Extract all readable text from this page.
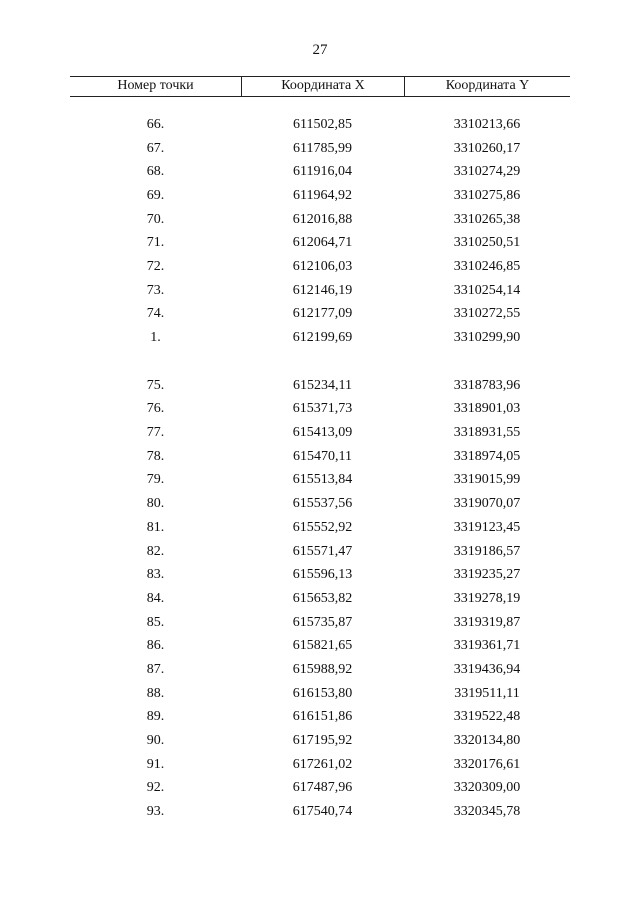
27
Номер точки	Координата X	Координата Y
66.	611502,85	3310213,66
67.	611785,99	3310260,17
68.	611916,04	3310274,29
69.	611964,92	3310275,86
70.	612016,88	3310265,38
71.	612064,71	3310250,51
72.	612106,03	3310246,85
73.	612146,19	3310254,14
74.	612177,09	3310272,55
1.	612199,69	3310299,90
75.	615234,11	3318783,96
76.	615371,73	3318901,03
77.	615413,09	3318931,55
78.	615470,11	3318974,05
79.	615513,84	3319015,99
80.	615537,56	3319070,07
81.	615552,92	3319123,45
82.	615571,47	3319186,57
83.	615596,13	3319235,27
84.	615653,82	3319278,19
85.	615735,87	3319319,87
86.	615821,65	3319361,71
87.	615988,92	3319436,94
88.	616153,80	3319511,11
89.	616151,86	3319522,48
90.	617195,92	3320134,80
91.	617261,02	3320176,61
92.	617487,96	3320309,00
93.	617540,74	3320345,78
